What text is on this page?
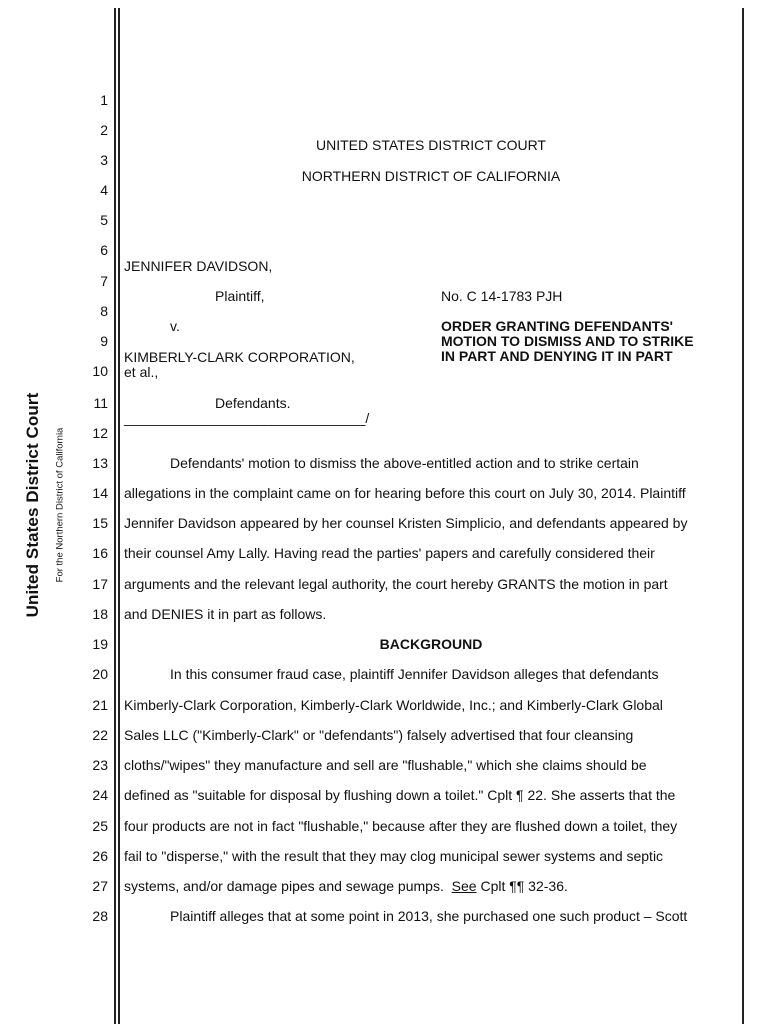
United States District Court For the Northern District of California
1
2
3
4
5
6
7
8
9
10
11
12
13
14
15
16
17
18
19
20
21
22
23
24
25
26
27
28
UNITED STATES DISTRICT COURT
NORTHERN DISTRICT OF CALIFORNIA
JENNIFER DAVIDSON,
Plaintiff,
v.
KIMBERLY-CLARK CORPORATION,
et al.,
Defendants.
_______________________________/
No. C 14-1783 PJH
ORDER GRANTING DEFENDANTS'
MOTION TO DISMISS AND TO STRIKE
IN PART AND DENYING IT IN PART
Defendants' motion to dismiss the above-entitled action and to strike certain
allegations in the complaint came on for hearing before this court on July 30, 2014. Plaintiff
Jennifer Davidson appeared by her counsel Kristen Simplicio, and defendants appeared by
their counsel Amy Lally. Having read the parties' papers and carefully considered their
arguments and the relevant legal authority, the court hereby GRANTS the motion in part
and DENIES it in part as follows.
BACKGROUND
In this consumer fraud case, plaintiff Jennifer Davidson alleges that defendants
Kimberly-Clark Corporation, Kimberly-Clark Worldwide, Inc.; and Kimberly-Clark Global
Sales LLC ("Kimberly-Clark" or "defendants") falsely advertised that four cleansing
cloths/"wipes" they manufacture and sell are "flushable," which she claims should be
defined as "suitable for disposal by flushing down a toilet." Cplt ¶ 22. She asserts that the
four products are not in fact "flushable," because after they are flushed down a toilet, they
fail to "disperse," with the result that they may clog municipal sewer systems and septic
systems, and/or damage pipes and sewage pumps.  See Cplt ¶¶ 32-36.
Plaintiff alleges that at some point in 2013, she purchased one such product – Scott
